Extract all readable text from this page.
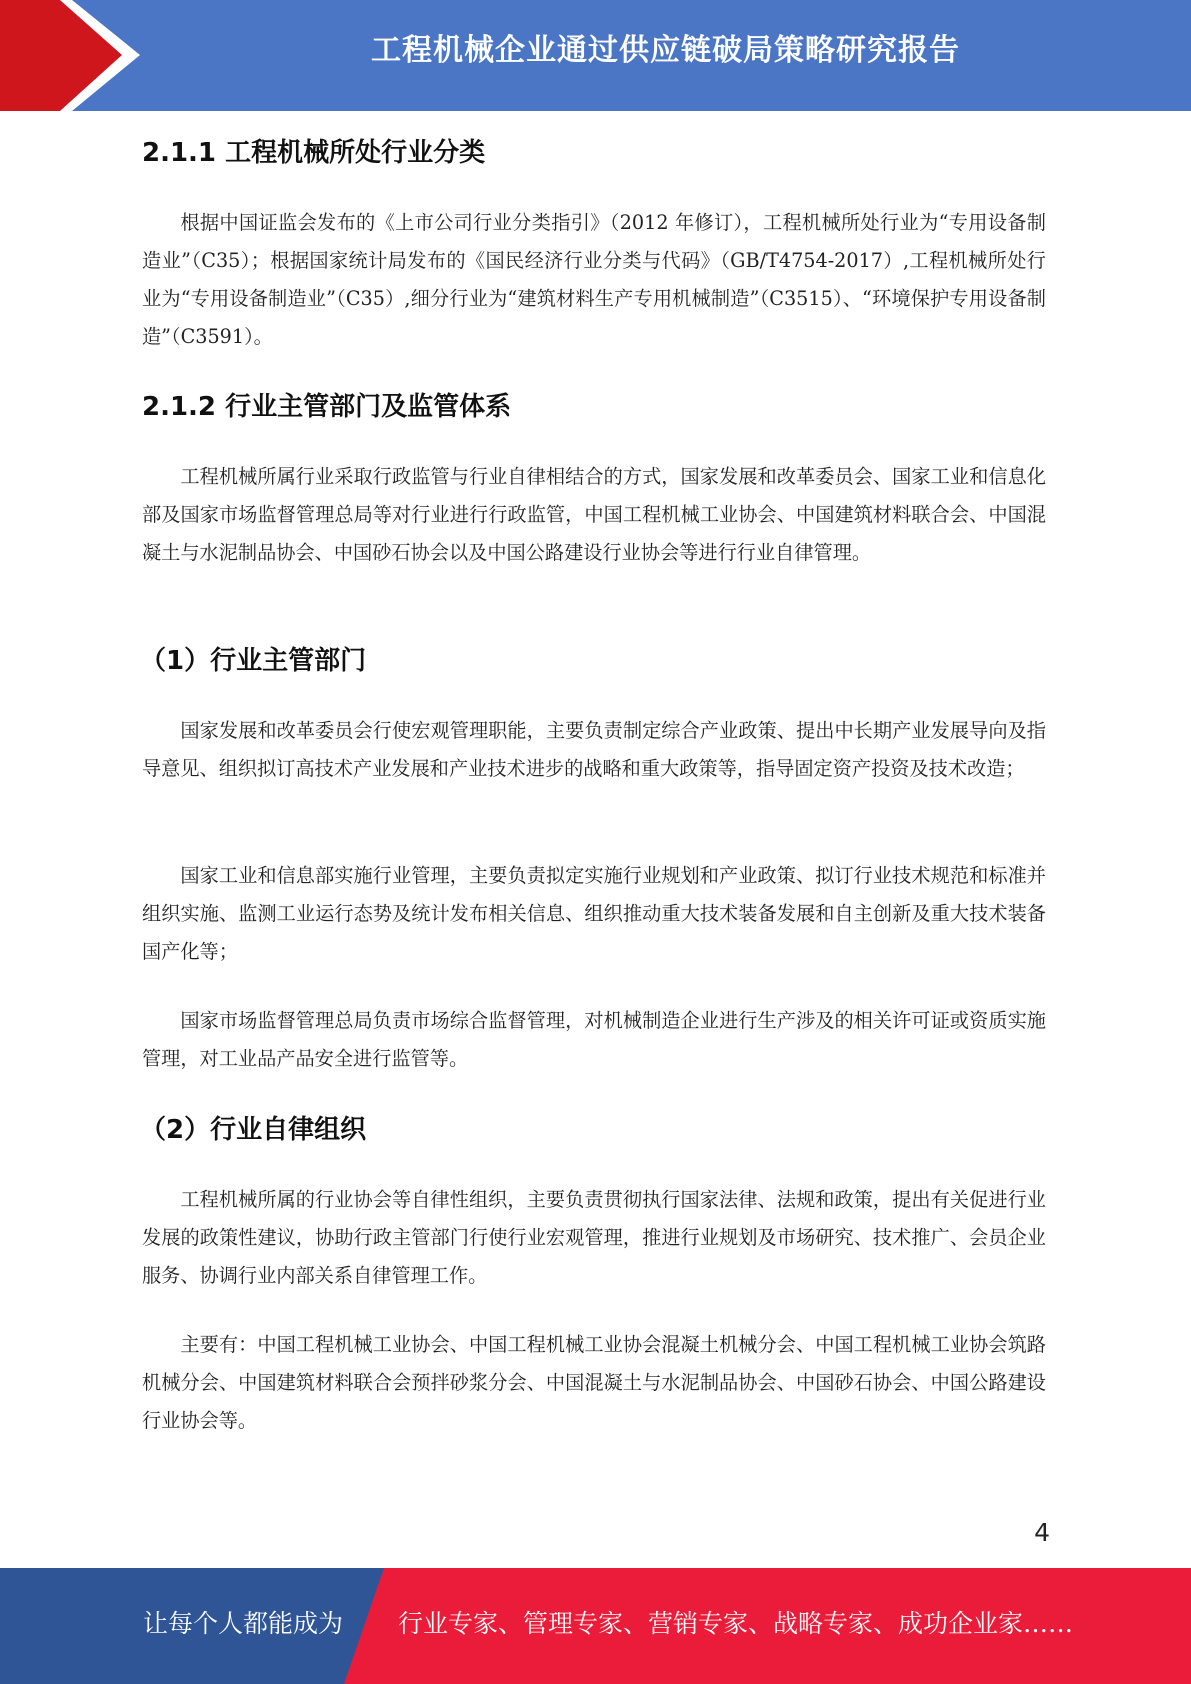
工程机械企业通过供应链破局策略研究报告
2.1.1 工程机械所处行业分类

根据中国证监会发布的《上市公司行业分类指引》（2012 年修订），工程机械所处行业为“专用设备制造业”（C35）；根据国家统计局发布的《国民经济行业分类与代码》（GB/T4754-2017）,工程机械所处行业为“专用设备制造业”（C35）,细分行业为“建筑材料生产专用机械制造”（C3515）、“环境保护专用设备制造”（C3591）。

2.1.2 行业主管部门及监管体系

工程机械所属行业采取行政监管与行业自律相结合的方式，国家发展和改革委员会、国家工业和信息化部及国家市场监督管理总局等对行业进行行政监管，中国工程机械工业协会、中国建筑材料联合会、中国混凝土与水泥制品协会、中国砂石协会以及中国公路建设行业协会等进行行业自律管理。

（1）行业主管部门

国家发展和改革委员会行使宏观管理职能，主要负责制定综合产业政策、提出中长期产业发展导向及指导意见、组织拟订高技术产业发展和产业技术进步的战略和重大政策等，指导固定资产投资及技术改造；

国家工业和信息部实施行业管理，主要负责拟定实施行业规划和产业政策、拟订行业技术规范和标准并组织实施、监测工业运行态势及统计发布相关信息、组织推动重大技术装备发展和自主创新及重大技术装备国产化等；

国家市场监督管理总局负责市场综合监督管理，对机械制造企业进行生产涉及的相关许可证或资质实施管理，对工业品产品安全进行监管等。

（2）行业自律组织

工程机械所属的行业协会等自律性组织，主要负责贯彻执行国家法律、法规和政策，提出有关促进行业发展的政策性建议，协助行政主管部门行使行业宏观管理，推进行业规划及市场研究、技术推广、会员企业服务、协调行业内部关系自律管理工作。

主要有：中国工程机械工业协会、中国工程机械工业协会混凝土机械分会、中国工程机械工业协会筑路机械分会、中国建筑材料联合会预拌砂浆分会、中国混凝土与水泥制品协会、中国砂石协会、中国公路建设行业协会等。

4
让每个人都能成为 行业专家、管理专家、营销专家、战略专家、成功企业家……
